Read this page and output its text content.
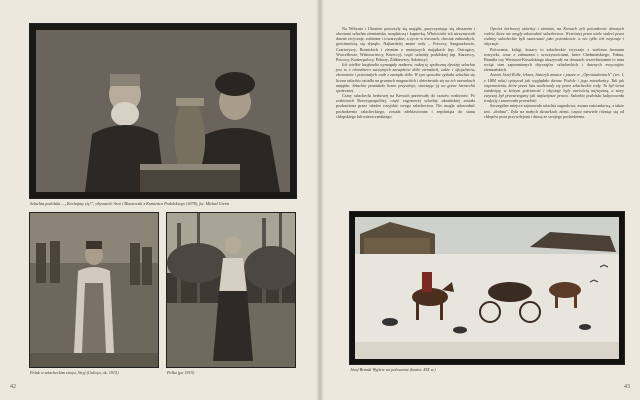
Szlachta podolska – „Kochajmy się!”, obywatele Arat i Maczewski z Kamieńca Podolskiego (1878), fot. Michał Greim
Polak w szlacheckim stroju, Stryj (Galicja, ok. 1915)	Polka (po 1915)
42

Na Wołyniu i Ukrainie potoczyły się majątki, przyczyniając się obszarem i obrotami szlachta ziemiańska, urzędniczą i kupiecką. Właściciele ich utrzymywali dawne zwyczaje, rodzinne i towarzyskie, a życie w dworach, chociaż zubożałych, gościnnością się słynęło. Najbardziej znane rody – Potoccy, Sanguszkowie, Czartoryscy, Branickich i ziemian o mniejszych majątkach (np. Ostrogscy, Worcellowie, Wiśniowieccy, Koreccy), część szlachty podolskiej (np. Starzeccy, Potoccy, Koniecpolscy, Pobozy, Żółkiewscy, Sobiescy).

Ich wielkie latyfundia wymagały nadzoru, rodzą tę społeczną dywizję szlachta jest to z charakteru zaciężnych zarządców dóbr ziemskich, także i oficjalistów, ekonomów i pozostałych osób z zarządu dóbr. W tym sposobie zyskała szlachta się liczna szlachta osiadła na gruntach magnackich i dzierżawiła się na ich warunkach majątku. Szlachta posiadała liczne przywileje, stawiając ją na górze hierarchii społecznej.

Czasy szlachecki herbowej na Kresach przetrwały do czasów rozbiorów. Po rozbiorach Rzeczypospolitej, część zagonowej szlachty ukraińskiej została pozbawiona przez władze rosyjskie swego szlachectwa. Nie mogła udowodnić pochodzenia szlacheckiego, została zdeklasowana i zepchnięta do stanu chłopskiego lub mieszczańskiego.

Oprócz herbowej szlachty i ziemian, na Kresach żyli potomkowie dawnych rodów, które nie mogły udowodnić szlachectwa. Wcześniej przez wiele stuleci przez rodziny szlacheckie byli szanowani jako potomkowie, a nie tylko ich zwyczaje i obyczaje.

Polowania, kuligi, kozacy to szlacheckie zwyczaje z wieloma formami rozrywki, wraz z zabawami i uroczystościami, które Chełmońskiego, Fałata, Brandta czy Wierusza-Kowalskiego ukazywały na obrazach wszechstronnie to nam wciąż stan zapomnianych obyczajów szlacheckich i dawnych zwyczajów ziemiańskich.

Antoni Józef Rolle, lekarz, historyk amator i pisarz w „Opowiadaniach” (ser. I, z 1884 roku) opisywał jak wyglądało dawne Podole i jego mieszkańcy. Tak jak wspomnienia, które przez lata zachowały się przez szlacheckie rody. To był świat zamknięty, w którym gościnność i obyczaje były wartością najwyższą, a stary zwyczaj był przestrzegany jak najświętsze prawo. Szlachta podolska kultywowała tradycję i szanowała przeszłość.

Szczególne miejsce zajmowała szlachta zagrodowa, zwana zaściankową, a także tzw. „drobna”. Żyła na małych skrawkach ziemi, często niewiele różniąc się od chłopów poza przywilejami i dumą ze swojego pochodzenia.

Józef Brandt Wyjście na polowanie (koniec XIX w.)
43
